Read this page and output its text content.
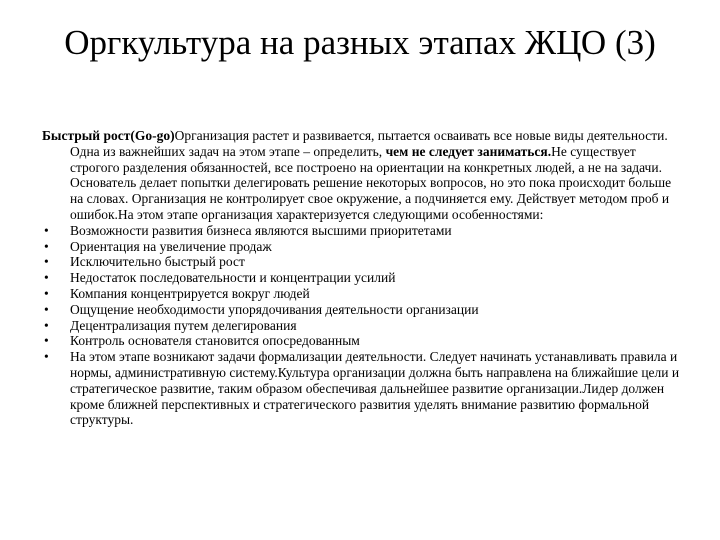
Оргкультура на разных этапах ЖЦО (3)

Быстрый рост(Go-go)Организация растет и развивается, пытается осваивать все новые виды деятельности. Одна из важнейших задач на этом этапе – определить, чем не следует заниматься.Не существует строгого разделения обязанностей, все построено на ориентации на конкретных людей, а не на задачи. Основатель делает попытки делегировать решение некоторых вопросов, но это пока происходит больше на словах. Организация не контролирует свое окружение, а подчиняется ему. Действует методом проб и ошибок.На этом этапе организация характеризуется следующими особенностями:

• Возможности развития бизнеса являются высшими приоритетами
• Ориентация на увеличение продаж
• Исключительно быстрый рост
• Недостаток последовательности и концентрации усилий
• Компания концентрируется вокруг людей
• Ощущение необходимости упорядочивания деятельности организации
• Децентрализация путем делегирования
• Контроль основателя становится опосредованным
• На этом этапе возникают задачи формализации деятельности. Следует начинать устанавливать правила и нормы, административную систему.Культура организации должна быть направлена на ближайшие цели и стратегическое развитие, таким образом обеспечивая дальнейшее развитие организации.Лидер должен кроме ближней перспективных и стратегического развития уделять внимание развитию формальной структуры.
